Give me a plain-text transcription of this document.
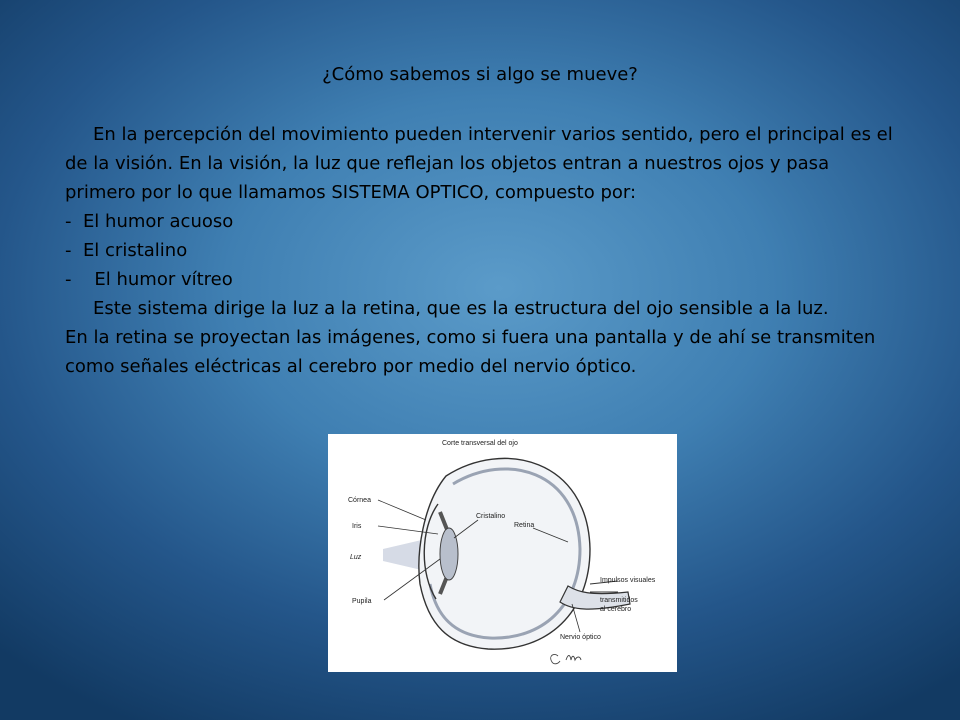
¿Cómo sabemos si algo se mueve?

En la percepción del movimiento pueden intervenir varios sentido, pero el principal es el de la visión. En la visión, la luz que reflejan los objetos entran a nuestros ojos y pasa primero por lo que llamamos SISTEMA OPTICO, compuesto por:

-  El humor acuoso

-  El cristalino

-    El humor vítreo

Este sistema dirige la luz a la retina, que es la estructura del ojo sensible a la luz.

En la retina se proyectan las imágenes, como si fuera una pantalla y de ahí se transmiten como señales eléctricas al cerebro por medio del nervio óptico.

Corte transversal del ojo
Córnea
Iris
Cristalino
Retina
Luz
Pupila
Impulsos visuales
transmitidos
al cerebro
Nervio óptico
